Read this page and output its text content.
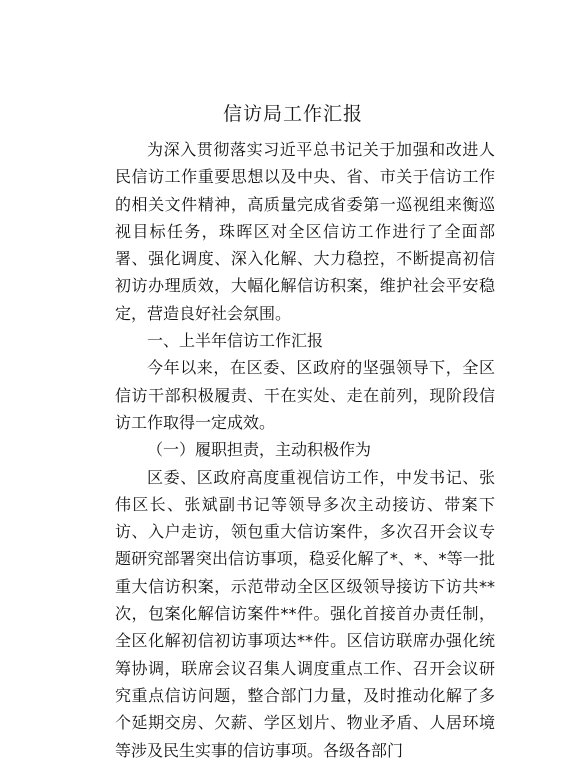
信访局工作汇报

为深入贯彻落实习近平总书记关于加强和改进人民信访工作重要思想以及中央、省、市关于信访工作的相关文件精神，高质量完成省委第一巡视组来衡巡视目标任务，珠晖区对全区信访工作进行了全面部署、强化调度、深入化解、大力稳控，不断提高初信初访办理质效，大幅化解信访积案，维护社会平安稳定，营造良好社会氛围。

一、上半年信访工作汇报

今年以来，在区委、区政府的坚强领导下，全区信访干部积极履责、干在实处、走在前列，现阶段信访工作取得一定成效。

（一）履职担责，主动积极作为

区委、区政府高度重视信访工作，中发书记、张伟区长、张斌副书记等领导多次主动接访、带案下访、入户走访，领包重大信访案件，多次召开会议专题研究部署突出信访事项，稳妥化解了*、*、*等一批重大信访积案，示范带动全区区级领导接访下访共**次，包案化解信访案件**件。强化首接首办责任制，全区化解初信初访事项达**件。区信访联席办强化统筹协调，联席会议召集人调度重点工作、召开会议研究重点信访问题，整合部门力量，及时推动化解了多个延期交房、欠薪、学区划片、物业矛盾、人居环境等涉及民生实事的信访事项。各级各部门
